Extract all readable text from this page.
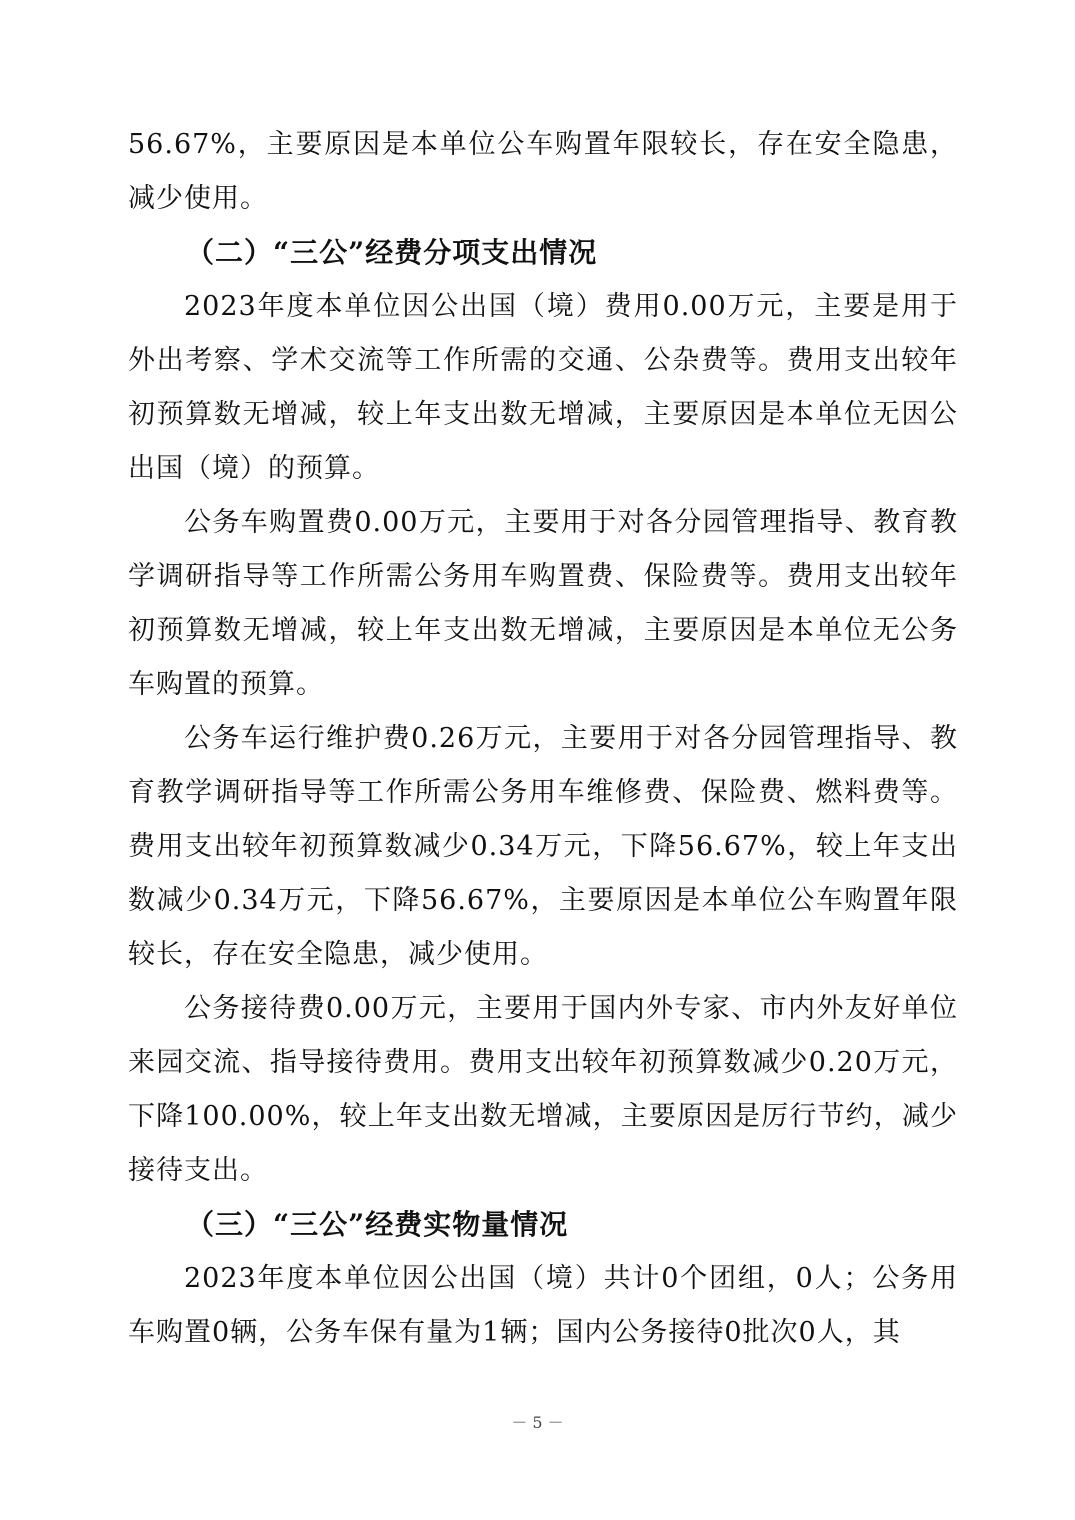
56.67%，主要原因是本单位公车购置年限较长，存在安全隐患，减少使用。

（二）“三公”经费分项支出情况

2023年度本单位因公出国（境）费用0.00万元，主要是用于外出考察、学术交流等工作所需的交通、公杂费等。费用支出较年初预算数无增减，较上年支出数无增减，主要原因是本单位无因公出国（境）的预算。

公务车购置费0.00万元，主要用于对各分园管理指导、教育教学调研指导等工作所需公务用车购置费、保险费等。费用支出较年初预算数无增减，较上年支出数无增减，主要原因是本单位无公务车购置的预算。

公务车运行维护费0.26万元，主要用于对各分园管理指导、教育教学调研指导等工作所需公务用车维修费、保险费、燃料费等。费用支出较年初预算数减少0.34万元，下降56.67%，较上年支出数减少0.34万元，下降56.67%，主要原因是本单位公车购置年限较长，存在安全隐患，减少使用。

公务接待费0.00万元，主要用于国内外专家、市内外友好单位来园交流、指导接待费用。费用支出较年初预算数减少0.20万元，下降100.00%，较上年支出数无增减，主要原因是厉行节约，减少接待支出。

（三）“三公”经费实物量情况

2023年度本单位因公出国（境）共计0个团组，0人；公务用车购置0辆，公务车保有量为1辆；国内公务接待0批次0人，其

－ 5 －
